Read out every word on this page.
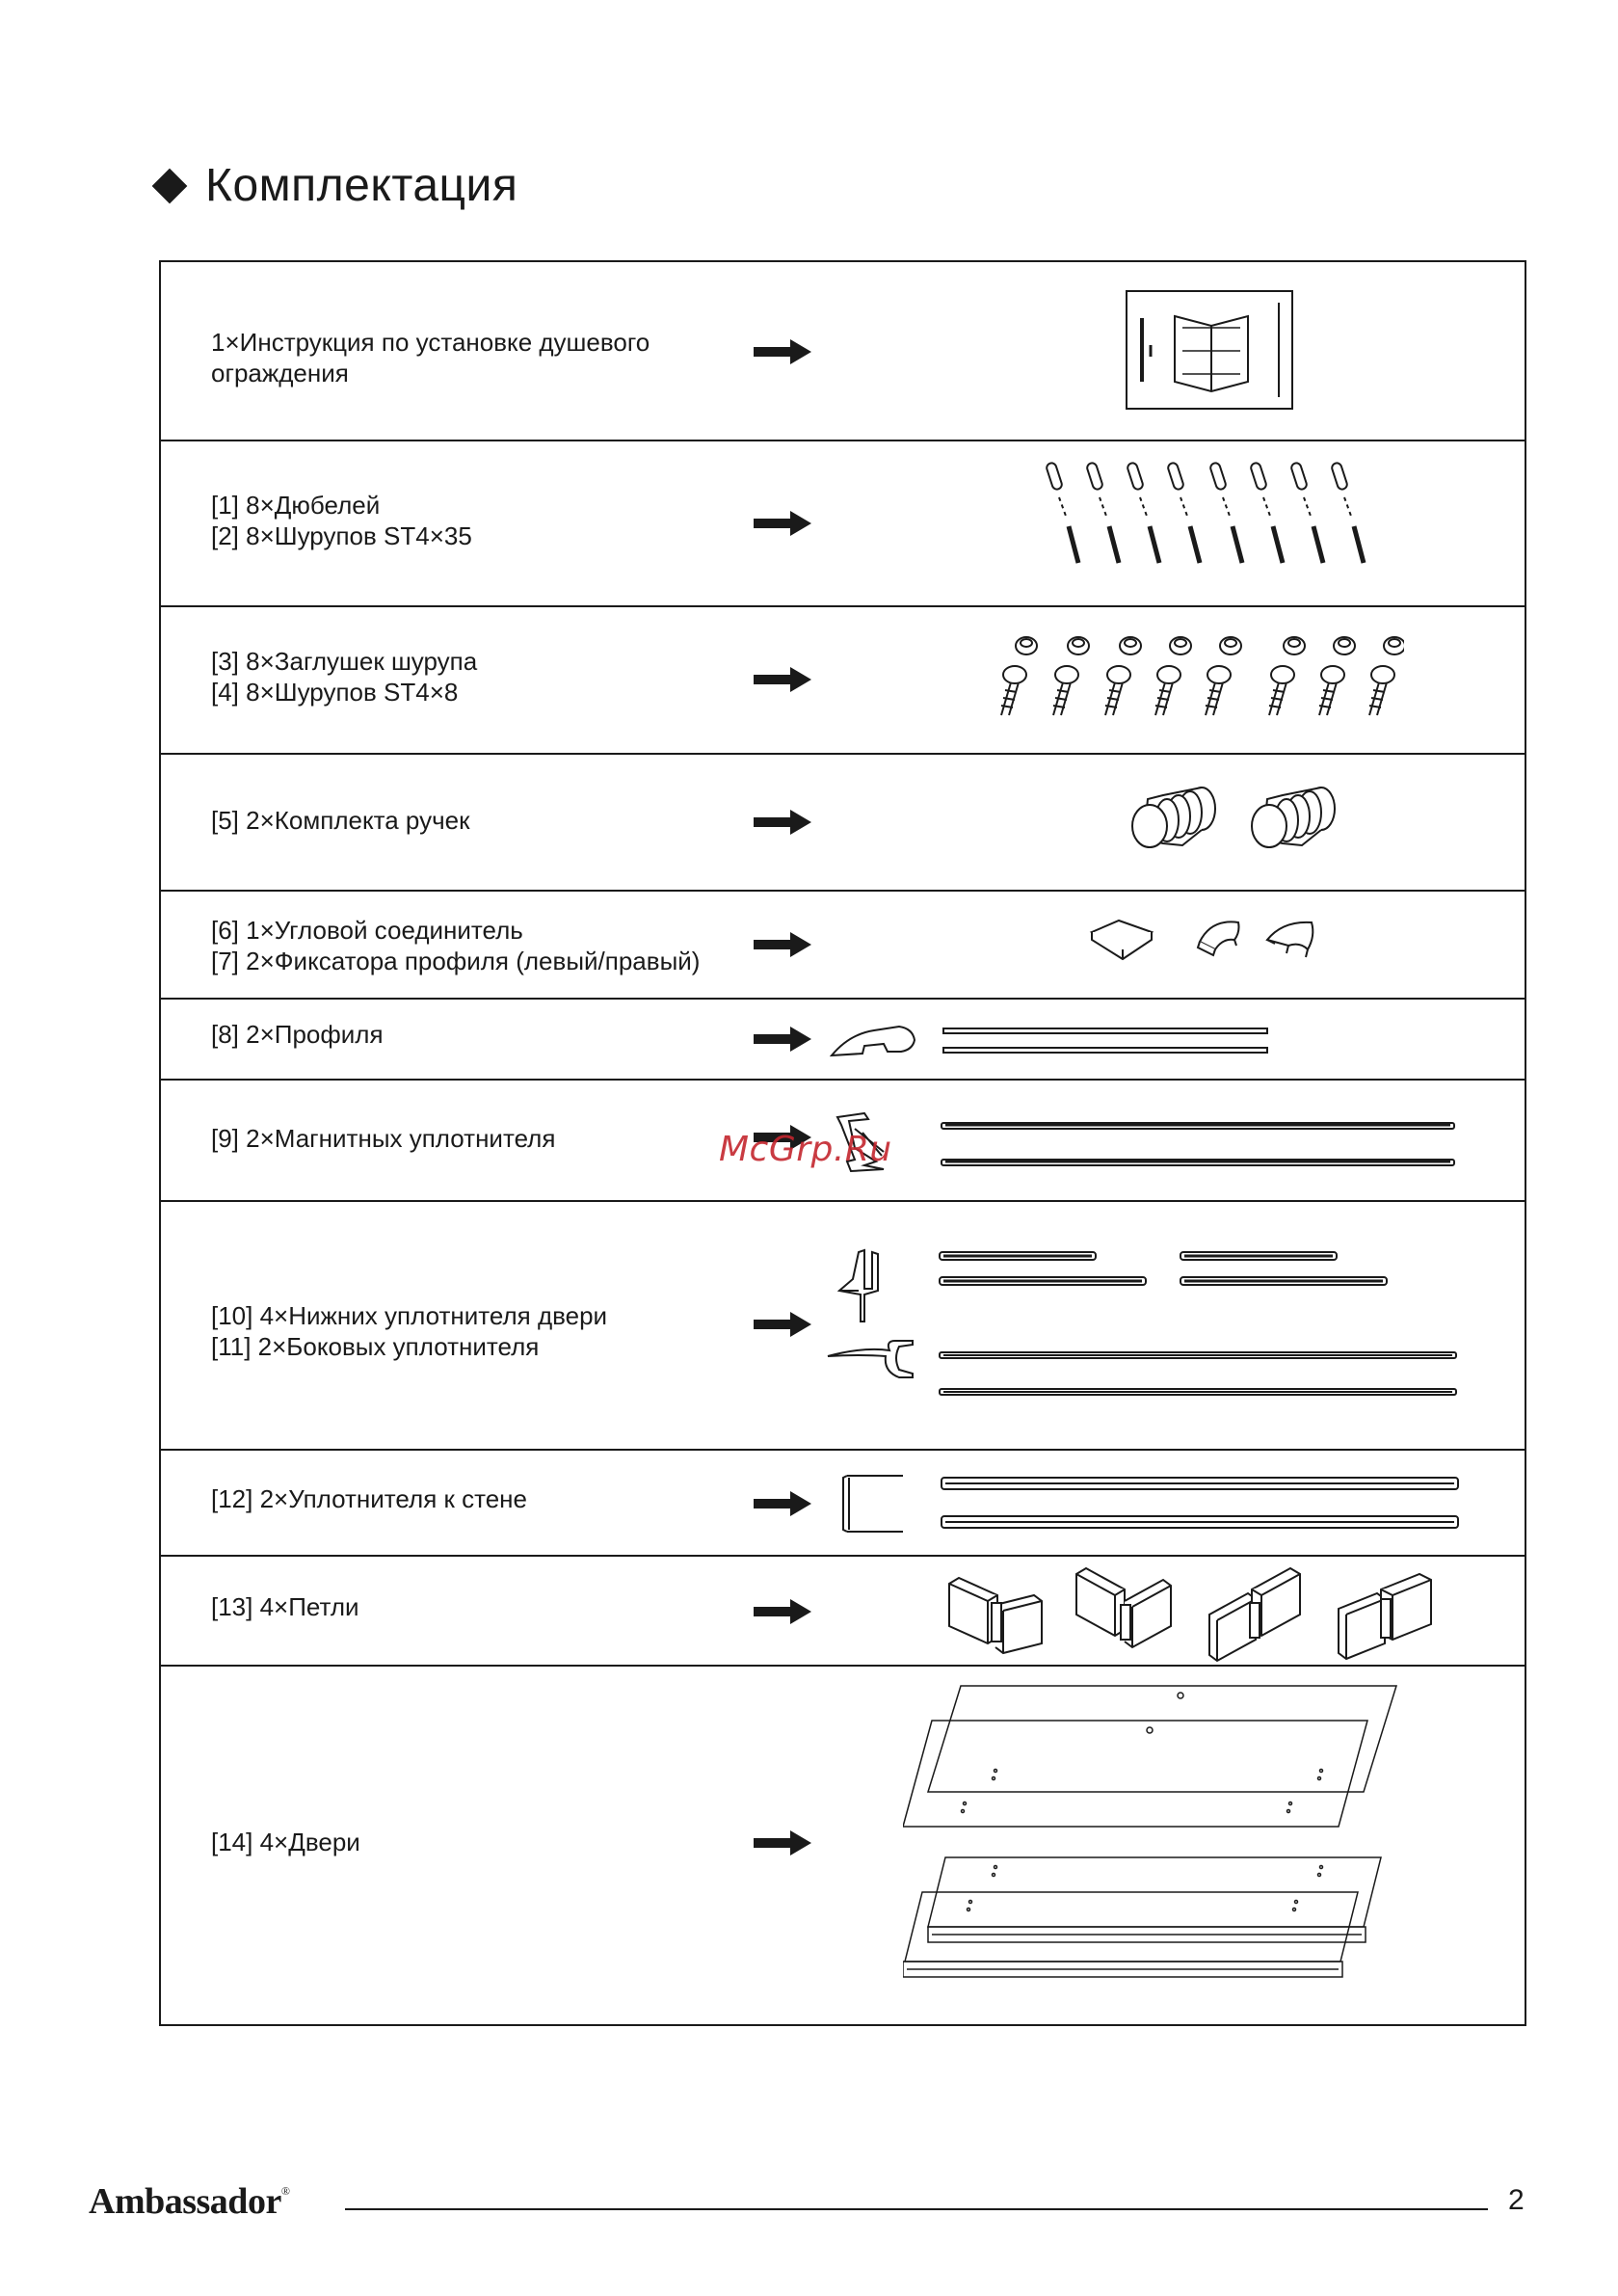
Комплектация
1×Инструкция по установке душевого
ограждения
[1] 8×Дюбелей
[2] 8×Шурупов ST4×35
[3] 8×Заглушек шурупа
[4] 8×Шурупов ST4×8
[5] 2×Комплекта ручек
[6] 1×Угловой соединитель
[7] 2×Фиксатора профиля (левый/правый)
[8] 2×Профиля
[9] 2×Магнитных уплотнителя
[10] 4×Нижних уплотнителя двери
[11] 2×Боковых уплотнителя
[12] 2×Уплотнителя к стене
[13] 4×Петли
[14] 4×Двери
McGrp.Ru
Ambassador®	2
